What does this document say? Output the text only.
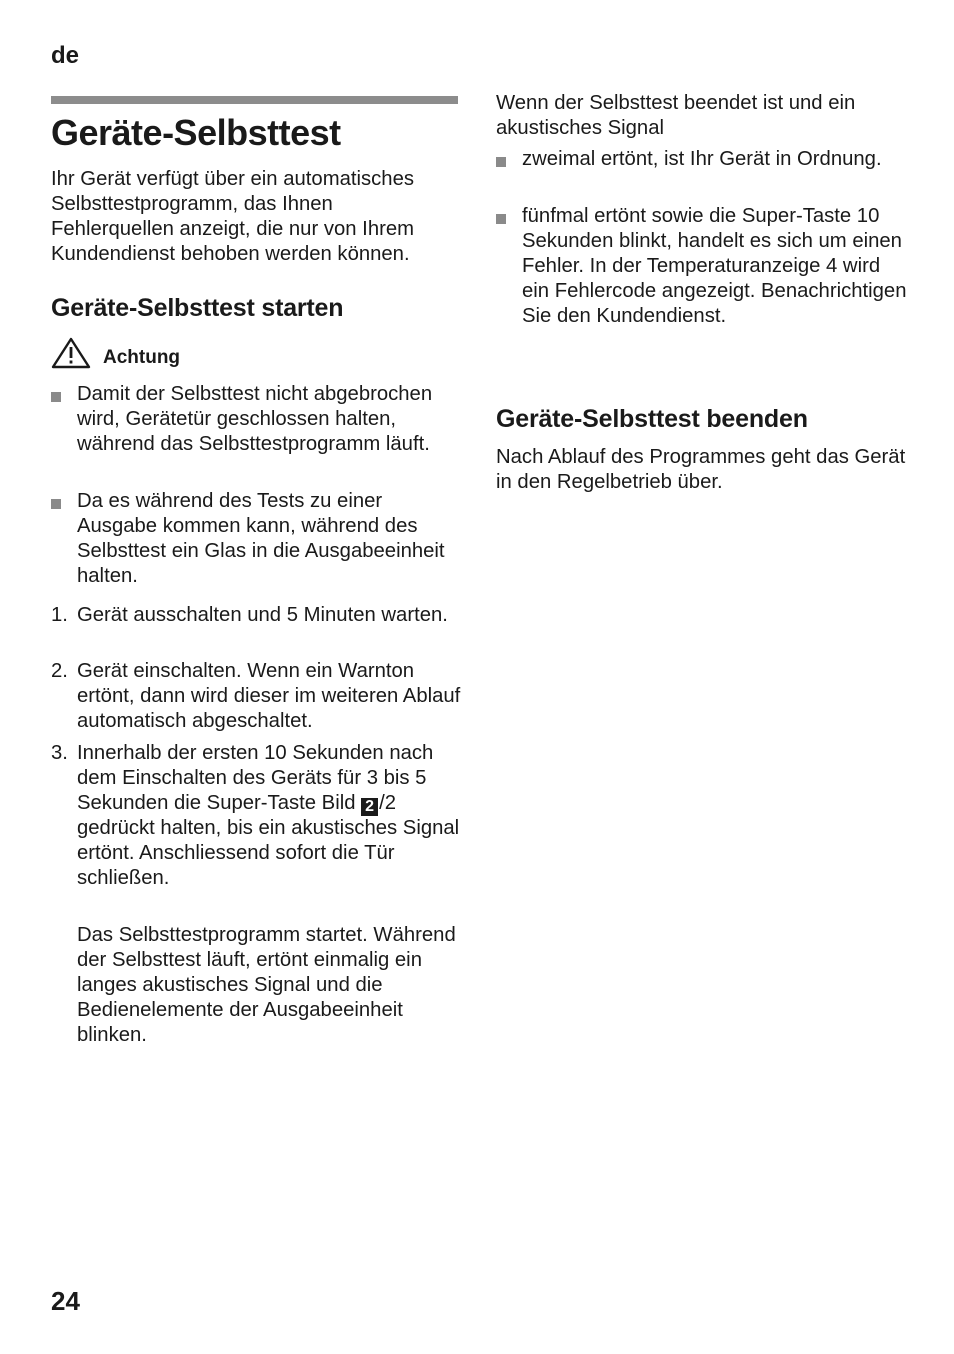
de
Geräte-Selbsttest
Ihr Gerät verfügt über ein automatisches Selbsttestprogramm, das Ihnen Fehlerquellen anzeigt, die nur von Ihrem Kundendienst behoben werden können.
Geräte-Selbsttest starten
Achtung
Damit der Selbsttest nicht abgebrochen wird, Gerätetür geschlossen halten, während das Selbsttestprogramm läuft.
Da es während des Tests zu einer Ausgabe kommen kann, während des Selbsttest ein Glas in die Ausgabeeinheit halten.
1. Gerät ausschalten und 5 Minuten warten.
2. Gerät einschalten. Wenn ein Warnton ertönt, dann wird dieser im weiteren Ablauf automatisch abgeschaltet.
3. Innerhalb der ersten 10 Sekunden nach dem Einschalten des Geräts für 3 bis 5 Sekunden die Super-Taste Bild 2 /2 gedrückt halten, bis ein akustisches Signal ertönt. Anschliessend sofort die Tür schließen.
Das Selbsttestprogramm startet. Während der Selbsttest läuft, ertönt einmalig ein langes akustisches Signal und die Bedienelemente der Ausgabeeinheit blinken.
Wenn der Selbsttest beendet ist und ein akustisches Signal
zweimal ertönt, ist Ihr Gerät in Ordnung.
fünfmal ertönt sowie die Super-Taste 10 Sekunden blinkt, handelt es sich um einen Fehler. In der Temperaturanzeige 4 wird ein Fehlercode angezeigt. Benachrichtigen Sie den Kundendienst.
Geräte-Selbsttest beenden
Nach Ablauf des Programmes geht das Gerät in den Regelbetrieb über.
24
